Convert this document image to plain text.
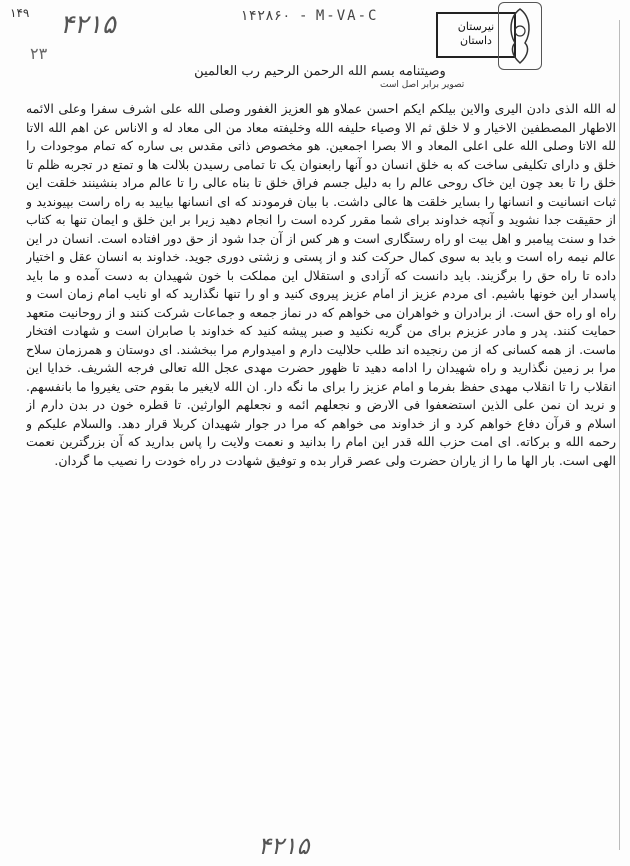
۱۴۹	۱۴۲۸۶۰ - M-VA-C
نیرستان
داستان
۴۲۱۵
۲۳
وصیتنامه بسم الله الرحمن الرحیم رب العالمین
تصویر برابر اصل است

له الله الذی دادن الیری والاین بیلکم ایکم احسن عملاو هو العزیز الغفور وصلی الله علی اشرف سفرا وعلی الائمه الاطهار المصطفین الاخیار و لا خلق ثم الا وصیاء حلیفه الله وخلیفته معاد من الی معاد له و الاناس عن اهم الله الاتا لله الاتا وصلی الله علی اعلی المعاد و الا بصرا اجمعین. هو مخصوص ذاتی مقدس بی ساره که تمام موجودات را خلق و دارای تکلیفی ساخت که به خلق انسان دو آنها رابعنوان یک تا تمامی رسیدن بلالت ها و تمتع در تجربه ظلم تا خلق را تا بعد چون این خاک روحی عالم را به دلیل جسم فراق خلق تا بناه عالی را تا عالم مراد بنشینند خلقت این ثبات انسانیت و انسانها را بسایر خلقت ها عالی داشت. با بیان فرمودند که ای انسانها بیایید به راه راست بپیوندید و از حقیقت جدا نشوید و آنچه خداوند برای شما مقرر کرده است را انجام دهید زیرا بر این خلق و ایمان تنها به کتاب خدا و سنت پیامبر و اهل بیت او راه رستگاری است و هر کس از آن جدا شود از حق دور افتاده است. انسان در این عالم نیمه راه است و باید به سوی کمال حرکت کند و از پستی و زشتی دوری جوید. خداوند به انسان عقل و اختیار داده تا راه حق را برگزیند. باید دانست که آزادی و استقلال این مملکت با خون شهیدان به دست آمده و ما باید پاسدار این خونها باشیم. ای مردم عزیز از امام عزیز پیروی کنید و او را تنها نگذارید که او نایب امام زمان است و راه او راه حق است. از برادران و خواهران می خواهم که در نماز جمعه و جماعات شرکت کنند و از روحانیت متعهد حمایت کنند. پدر و مادر عزیزم برای من گریه نکنید و صبر پیشه کنید که خداوند با صابران است و شهادت افتخار ماست. از همه کسانی که از من رنجیده اند طلب حلالیت دارم و امیدوارم مرا ببخشند. ای دوستان و همرزمان سلاح مرا بر زمین نگذارید و راه شهیدان را ادامه دهید تا ظهور حضرت مهدی عجل الله تعالی فرجه الشریف. خدایا این انقلاب را تا انقلاب مهدی حفظ بفرما و امام عزیز را برای ما نگه دار. ان الله لایغیر ما بقوم حتی یغیروا ما بانفسهم. و نرید ان نمن علی الذین استضعفوا فی الارض و نجعلهم ائمه و نجعلهم الوارثین. تا قطره خون در بدن دارم از اسلام و قرآن دفاع خواهم کرد و از خداوند می خواهم که مرا در جوار شهیدان کربلا قرار دهد. والسلام علیکم و رحمه الله و برکاته. ای امت حزب الله قدر این امام را بدانید و نعمت ولایت را پاس بدارید که آن بزرگترین نعمت الهی است. بار الها ما را از یاران حضرت ولی عصر قرار بده و توفیق شهادت در راه خودت را نصیب ما گردان.

۴۲۱۵
